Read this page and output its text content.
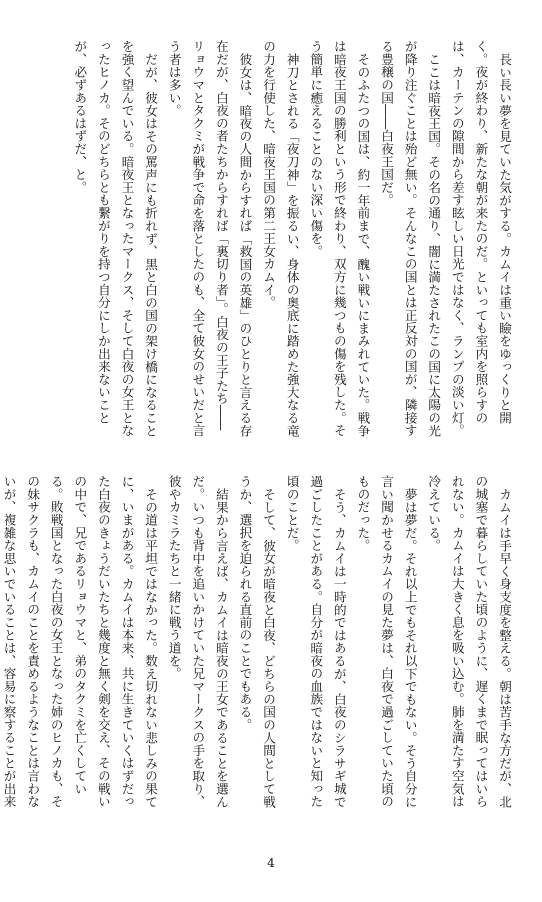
長い長い夢を見ていた気がする。カムイは重い瞼をゆっくりと開く。夜が終わり、新たな朝が来たのだ。といっても室内を照らすのは、カーテンの隙間から差す眩しい日光ではなく、ランプの淡い灯。

ここは暗夜王国。その名の通り、闇に満たされたこの国に太陽の光が降り注ぐことは殆ど無い。そんなこの国とは正反対の国が、隣接する豊穣の国――白夜王国だ。

そのふたつの国は、約一年前まで、醜い戦いにまみれていた。戦争は暗夜王国の勝利という形で終わり、双方に幾つもの傷を残した。そう簡単に癒えることのない深い傷を。

神刀とされる「夜刀神」を振るい、身体の奥底に踏めた強大なる竜の力を行使した、暗夜王国の第二王女カムイ。

彼女は、暗夜の人間からすれば「救国の英雄」のひとりと言える存在だが、白夜の者たちからすれば「裏切り者」。白夜の王子たち――リョウマとタクミが戦争で命を落としたのも、全て彼女のせいだと言う者は多い。

だが、彼女はその罵声にも折れず、黒と白の国の架け橋になることを強く望んでいる。暗夜王となったマークス、そして白夜の女王となったヒノカ。そのどちらとも繋がりを持つ自分にしか出来ないことが、必ずあるはずだ、と。

カムイは手早く身支度を整える。朝は苦手な方だが、北の城塞で暮らしていた頃のように、遅くまで眠ってはいられない。カムイは大きく息を吸い込む。肺を満たす空気は冷えている。

夢は夢だ。それ以上でもそれ以下でもない。そう自分に言い聞かせるカムイの見た夢は、白夜で過ごしていた頃のものだった。

そう、カムイは一時的ではあるが、白夜のシラサギ城で過ごしたことがある。自分が暗夜の血族ではないと知った頃のことだ。

そして、彼女が暗夜と白夜、どちらの国の人間として戦うか、選択を迫られる直前のことでもある。

結果から言えば、カムイは暗夜の王女であることを選んだ。いつも背中を追いかけていた兄マークスの手を取り、彼やカミラたちと一緒に戦う道を。

その道は平坦ではなかった。数え切れない悲しみの果てに、いまがある。カムイは本来、共に生きていくはずだった白夜のきょうだいたちと幾度と無く剣を交え、その戦いの中で、兄であるリョウマと、弟のタクミを亡くしている。敗戦国となった白夜の女王となった姉のヒノカも、その妹サクラも、カムイのことを責めるようなことは言わないが、複雑な思いでいることは、容易に察することが出来

4
